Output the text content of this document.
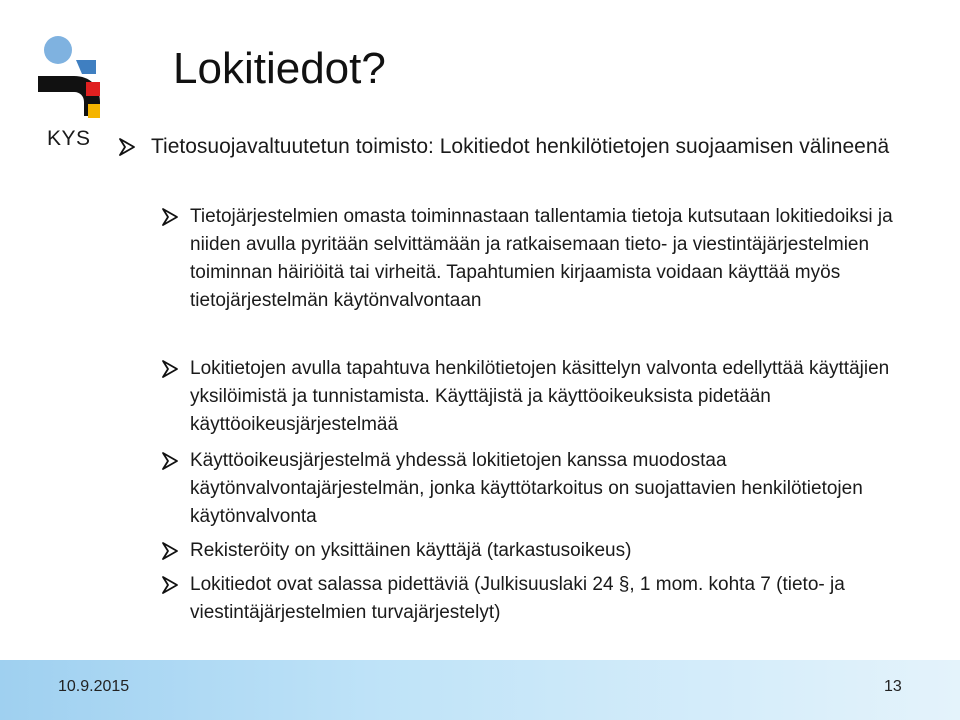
KYS
Lokitiedot?
Tietosuojavaltuutetun toimisto: Lokitiedot henkilötietojen suojaamisen välineenä
Tietojärjestelmien omasta toiminnastaan tallentamia tietoja kutsutaan lokitiedoiksi ja niiden avulla pyritään selvittämään ja ratkaisemaan tieto- ja viestintäjärjestelmien toiminnan häiriöitä tai virheitä. Tapahtumien kirjaamista voidaan käyttää myös tietojärjestelmän käytönvalvontaan
Lokitietojen avulla tapahtuva henkilötietojen käsittelyn valvonta edellyttää käyttäjien yksilöimistä ja tunnistamista. Käyttäjistä ja käyttöoikeuksista pidetään käyttöoikeusjärjestelmää
Käyttöoikeusjärjestelmä yhdessä lokitietojen kanssa muodostaa käytönvalvontajärjestelmän, jonka käyttötarkoitus on suojattavien henkilötietojen käytönvalvonta
Rekisteröity on yksittäinen käyttäjä (tarkastusoikeus)
Lokitiedot ovat salassa pidettäviä (Julkisuuslaki 24 §, 1 mom. kohta 7 (tieto- ja viestintäjärjestelmien turvajärjestelyt)
10.9.2015	13
